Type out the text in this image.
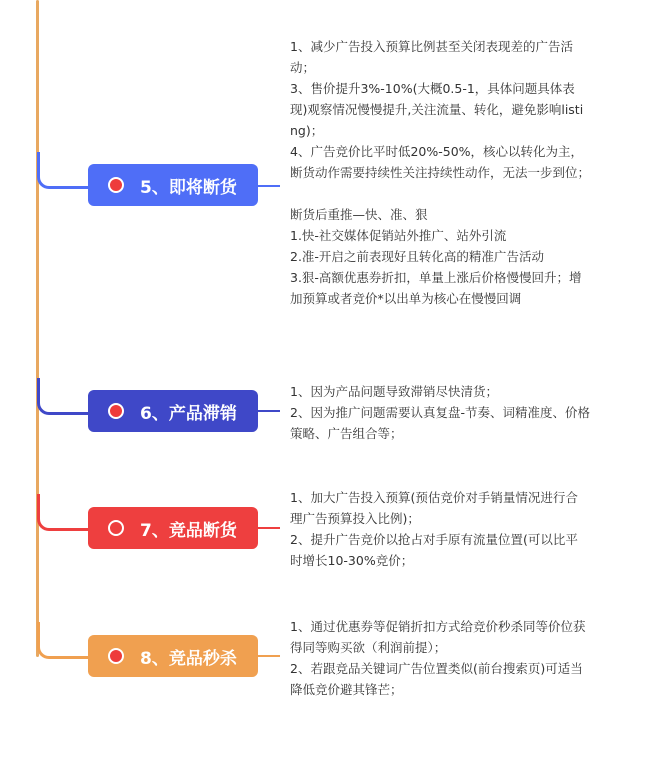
5、即将断货

1、减少广告投入预算比例甚至关闭表现差的广告活动；

3、售价提升3%-10%(大概0.5-1，具体问题具体表现)观察情况慢慢提升,关注流量、转化，避免影响listing)；

4、广告竞价比平时低20%-50%，核心以转化为主，断货动作需要持续性关注持续性动作，无法一步到位；

断货后重推—快、准、狠

1.快-社交媒体促销站外推广、站外引流

2.准-开启之前表现好且转化高的精准广告活动

3.狠-高额优惠券折扣，单量上涨后价格慢慢回升；增加预算或者竞价*以出单为核心在慢慢回调

6、产品滞销

1、因为产品问题导致滞销尽快清货；

2、因为推广问题需要认真复盘-节奏、词精准度、价格策略、广告组合等；

7、竞品断货

1、加大广告投入预算(预估竞价对手销量情况进行合理广告预算投入比例)；

2、提升广告竞价以抢占对手原有流量位置(可以比平时增长10-30%竞价；

8、竞品秒杀

1、通过优惠券等促销折扣方式给竞价秒杀同等价位获得同等购买欲（利润前提）；

2、若跟竞品关键词广告位置类似(前台搜索页)可适当降低竞价避其锋芒；
